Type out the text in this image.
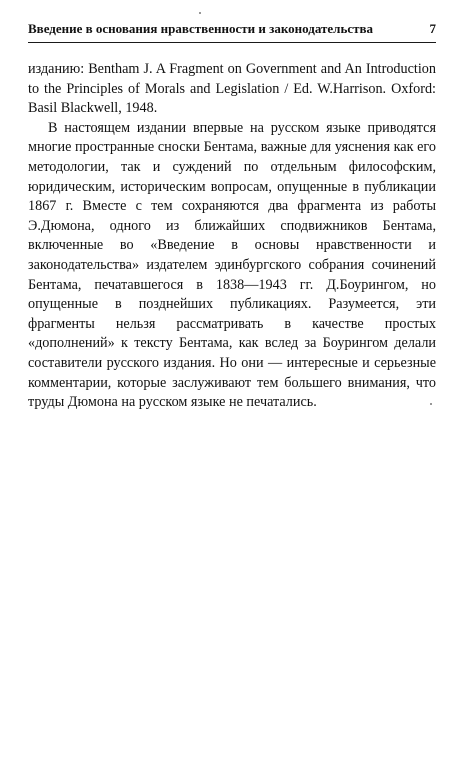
Введение в основания нравственности и законодательства	7

изданию: Bentham J. A Fragment on Government and An Introduction to the Principles of Morals and Legislation / Ed. W.Harrison. Oxford: Basil Blackwell, 1948.

В настоящем издании впервые на русском языке приводятся многие пространные сноски Бентама, важные для уяснения как его методологии, так и суждений по отдельным философским, юридическим, историческим вопросам, опущенные в публикации 1867 г. Вместе с тем сохраняются два фрагмента из работы Э.Дюмона, одного из ближайших сподвижников Бентама, включенные во «Введение в основы нравственности и законодательства» издателем эдинбургского собрания сочинений Бентама, печатавшегося в 1838—1943 гг. Д.Боурингом, но опущенные в позднейших публикациях. Разумеется, эти фрагменты нельзя рассматривать в качестве простых «дополнений» к тексту Бентама, как вслед за Боурингом делали составители русского издания. Но они — интересные и серьезные комментарии, которые заслуживают тем большего внимания, что труды Дюмона на русском языке не печатались.
